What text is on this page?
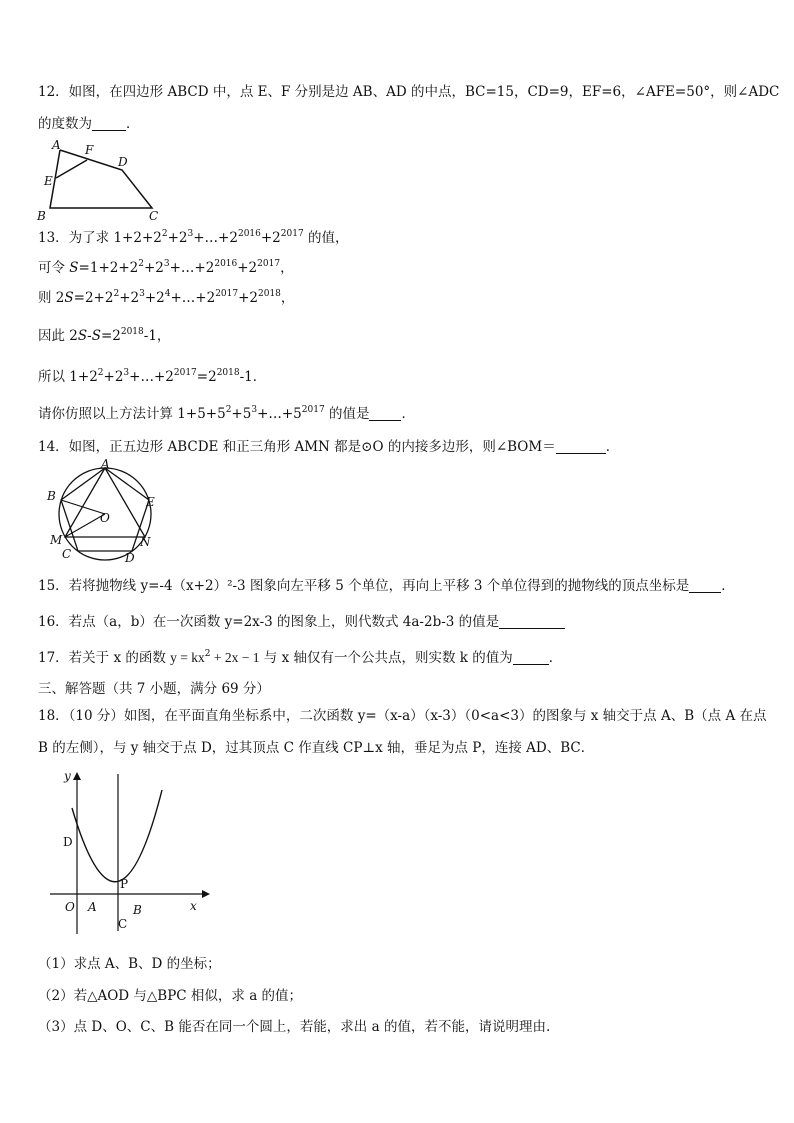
12．如图，在四边形 ABCD 中，点 E、F 分别是边 AB、AD 的中点，BC=15，CD=9，EF=6，∠AFE=50°，则∠ADC
的度数为	．
A F
D
E
B	C
13．为了求 $1+2+2^2+2^3+\dots+2^{2016}+2^{2017}$ 的值，
可令 $S=1+2+2^2+2^3+\dots+2^{2016}+2^{2017}$，
则 $2S=2+2^2+2^3+2^4+\dots+2^{2017}+2^{2018}$，
因此 $2S-S=2^{2018}-1$，
所以 $1+2^2+2^3+\dots+2^{2017}=2^{2018}-1$．
请你仿照以上方法计算 $1+5+5^2+5^3+\dots+5^{2017}$ 的值是 ．
14．如图，正五边形 ABCDE 和正三角形 AMN 都是⊙O 的内接多边形，则∠BOM＝	．
A
B	E
O
M	N
C	D
15．若将抛物线 y=-4（x+2）²-3 图象向左平移 5 个单位，再向上平移 3 个单位得到的抛物线的顶点坐标是 ．
16．若点（a，b）在一次函数 y=2x-3 的图象上，则代数式 4a-2b-3 的值是
17．若关于 x 的函数 $y = kx^2 + 2x - 1$ 与 x 轴仅有一个公共点，则实数 k 的值为	．
三、解答题（共 7 小题，满分 69 分）
18．（10 分）如图，在平面直角坐标系中，二次函数 y=（x-a）（x-3）（0<a<3）的图象与 x 轴交于点 A、B（点 A 在点
B 的左侧），与 y 轴交于点 D，过其顶点 C 作直线 CP⊥x 轴，垂足为点 P，连接 AD、BC．
y
D
P
O A	B	x
C
（1）求点 A、B、D 的坐标；
（2）若△AOD 与△BPC 相似，求 a 的值；
（3）点 D、O、C、B 能否在同一个圆上，若能，求出 a 的值，若不能，请说明理由.
